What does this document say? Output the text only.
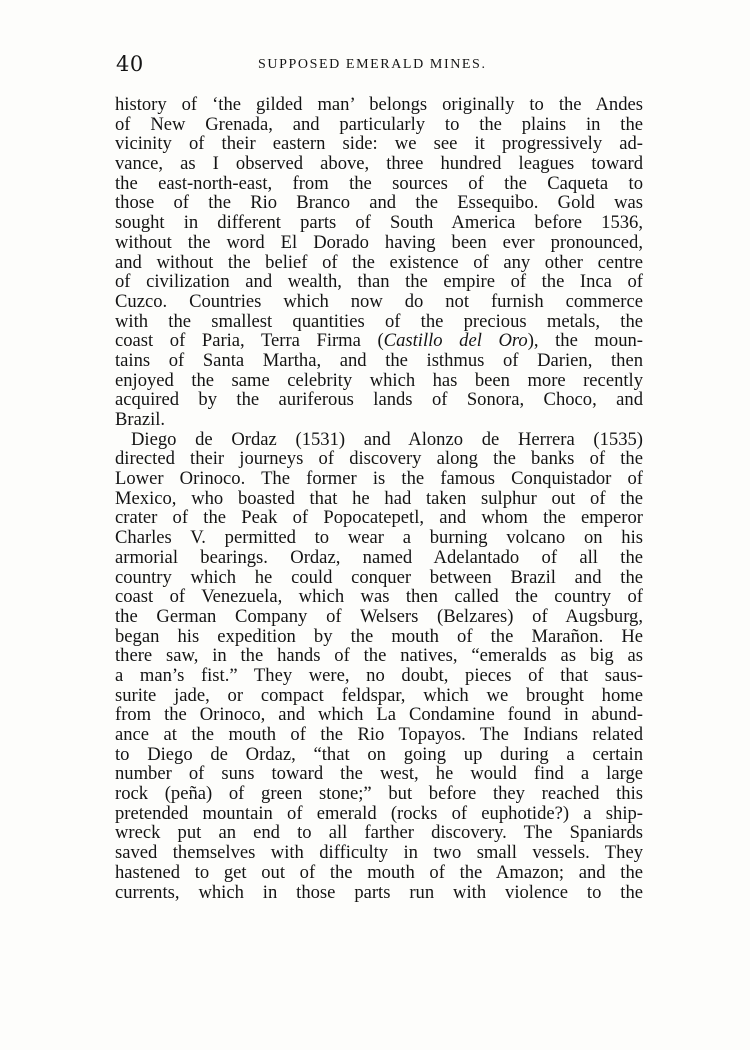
40	SUPPOSED EMERALD MINES.
history of ‘the gilded man’ belongs originally to the Andes
of New Grenada, and particularly to the plains in the
vicinity of their eastern side: we see it progressively ad-
vance, as I observed above, three hundred leagues toward
the east-north-east, from the sources of the Caqueta to
those of the Rio Branco and the Essequibo. Gold was
sought in different parts of South America before 1536,
without the word El Dorado having been ever pronounced,
and without the belief of the existence of any other centre
of civilization and wealth, than the empire of the Inca of
Cuzco. Countries which now do not furnish commerce
with the smallest quantities of the precious metals, the
coast of Paria, Terra Firma (Castillo del Oro), the moun-
tains of Santa Martha, and the isthmus of Darien, then
enjoyed the same celebrity which has been more recently
acquired by the auriferous lands of Sonora, Choco, and
Brazil.
Diego de Ordaz (1531) and Alonzo de Herrera (1535)
directed their journeys of discovery along the banks of the
Lower Orinoco. The former is the famous Conquistador of
Mexico, who boasted that he had taken sulphur out of the
crater of the Peak of Popocatepetl, and whom the emperor
Charles V. permitted to wear a burning volcano on his
armorial bearings. Ordaz, named Adelantado of all the
country which he could conquer between Brazil and the
coast of Venezuela, which was then called the country of
the German Company of Welsers (Belzares) of Augsburg,
began his expedition by the mouth of the Marañon. He
there saw, in the hands of the natives, “emeralds as big as
a man’s fist.” They were, no doubt, pieces of that saus-
surite jade, or compact feldspar, which we brought home
from the Orinoco, and which La Condamine found in abund-
ance at the mouth of the Rio Topayos. The Indians related
to Diego de Ordaz, “that on going up during a certain
number of suns toward the west, he would find a large
rock (peña) of green stone;” but before they reached this
pretended mountain of emerald (rocks of euphotide?) a ship-
wreck put an end to all farther discovery. The Spaniards
saved themselves with difficulty in two small vessels. They
hastened to get out of the mouth of the Amazon; and the
currents, which in those parts run with violence to the
